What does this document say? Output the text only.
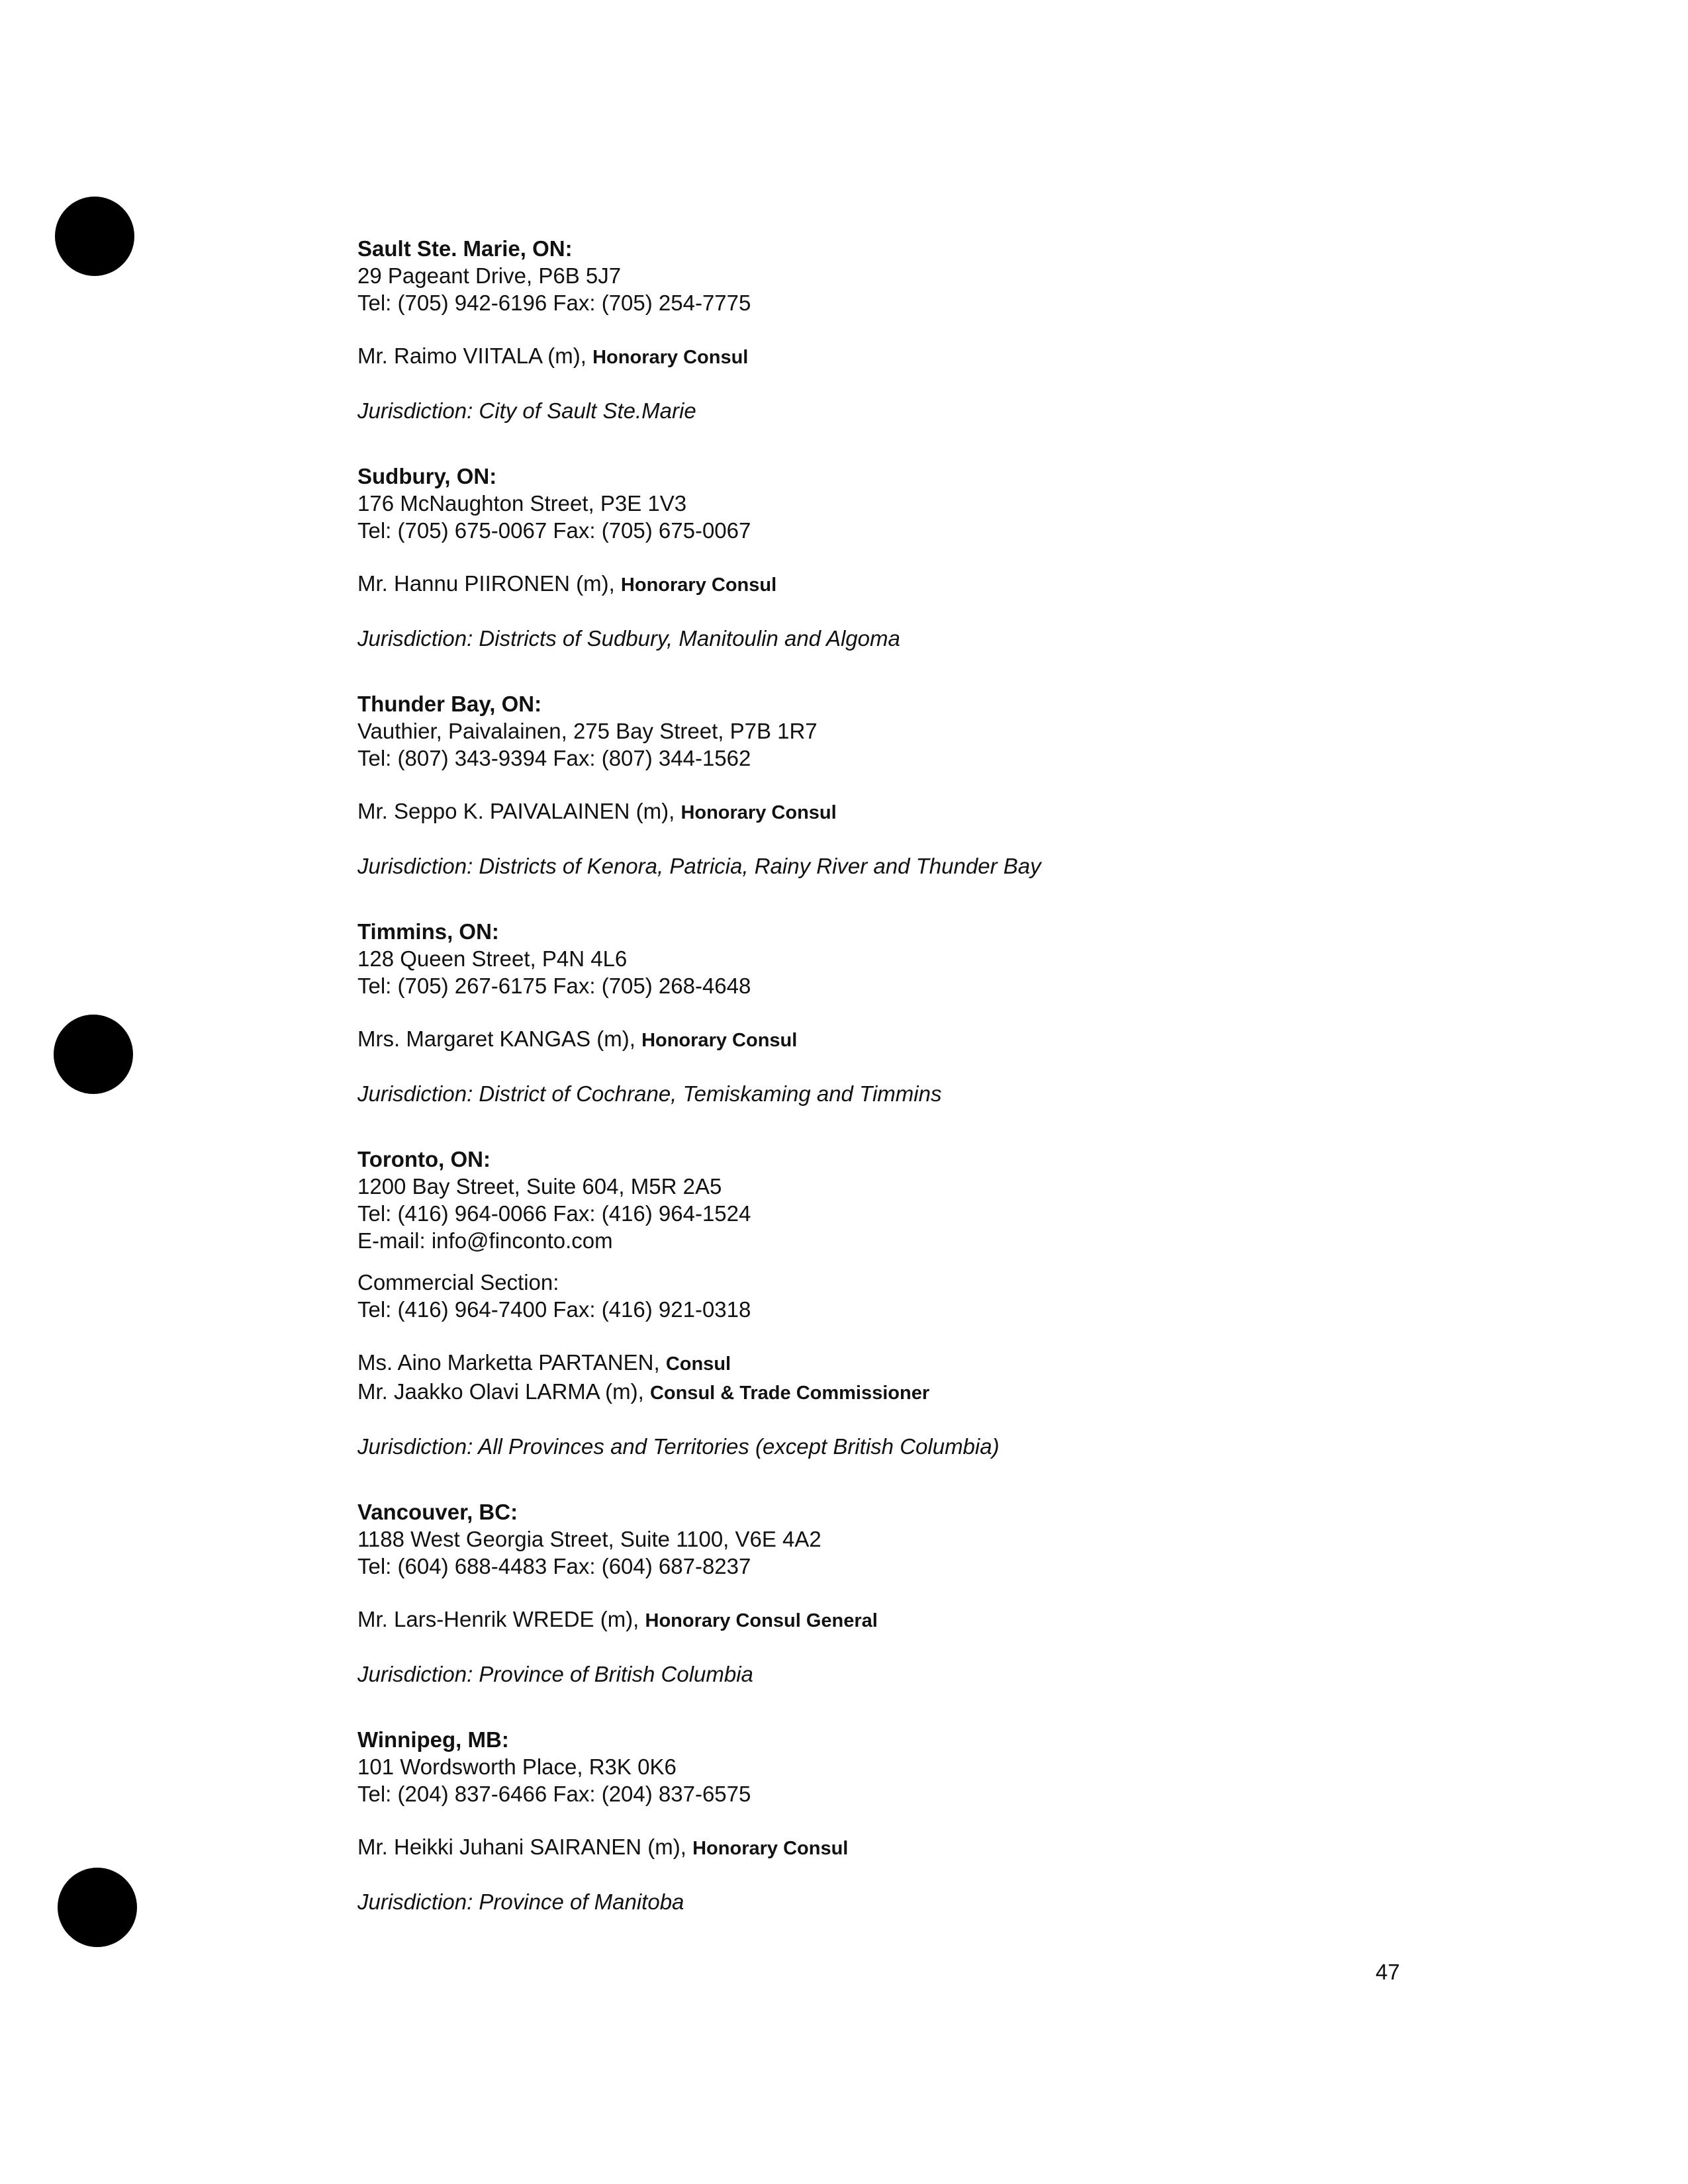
Sault Ste. Marie, ON:
29 Pageant Drive, P6B 5J7
Tel: (705) 942-6196 Fax: (705) 254-7775
Mr. Raimo VIITALA (m), Honorary Consul
Jurisdiction: City of Sault Ste.Marie
Sudbury, ON:
176 McNaughton Street, P3E 1V3
Tel: (705) 675-0067 Fax: (705) 675-0067
Mr. Hannu PIIRONEN (m), Honorary Consul
Jurisdiction: Districts of Sudbury, Manitoulin and Algoma
Thunder Bay, ON:
Vauthier, Paivalainen, 275 Bay Street, P7B 1R7
Tel: (807) 343-9394 Fax: (807) 344-1562
Mr. Seppo K. PAIVALAINEN (m), Honorary Consul
Jurisdiction: Districts of Kenora, Patricia, Rainy River and Thunder Bay
Timmins, ON:
128 Queen Street, P4N 4L6
Tel: (705) 267-6175 Fax: (705) 268-4648
Mrs. Margaret KANGAS (m), Honorary Consul
Jurisdiction: District of Cochrane, Temiskaming and Timmins
Toronto, ON:
1200 Bay Street, Suite 604, M5R 2A5
Tel: (416) 964-0066 Fax: (416) 964-1524
E-mail: info@finconto.com
Commercial Section:
Tel: (416) 964-7400 Fax: (416) 921-0318
Ms. Aino Marketta PARTANEN, Consul
Mr. Jaakko Olavi LARMA (m), Consul & Trade Commissioner
Jurisdiction: All Provinces and Territories (except British Columbia)
Vancouver, BC:
1188 West Georgia Street, Suite 1100, V6E 4A2
Tel: (604) 688-4483 Fax: (604) 687-8237
Mr. Lars-Henrik WREDE (m), Honorary Consul General
Jurisdiction: Province of British Columbia
Winnipeg, MB:
101 Wordsworth Place, R3K 0K6
Tel: (204) 837-6466 Fax: (204) 837-6575
Mr. Heikki Juhani SAIRANEN (m), Honorary Consul
Jurisdiction: Province of Manitoba
47
